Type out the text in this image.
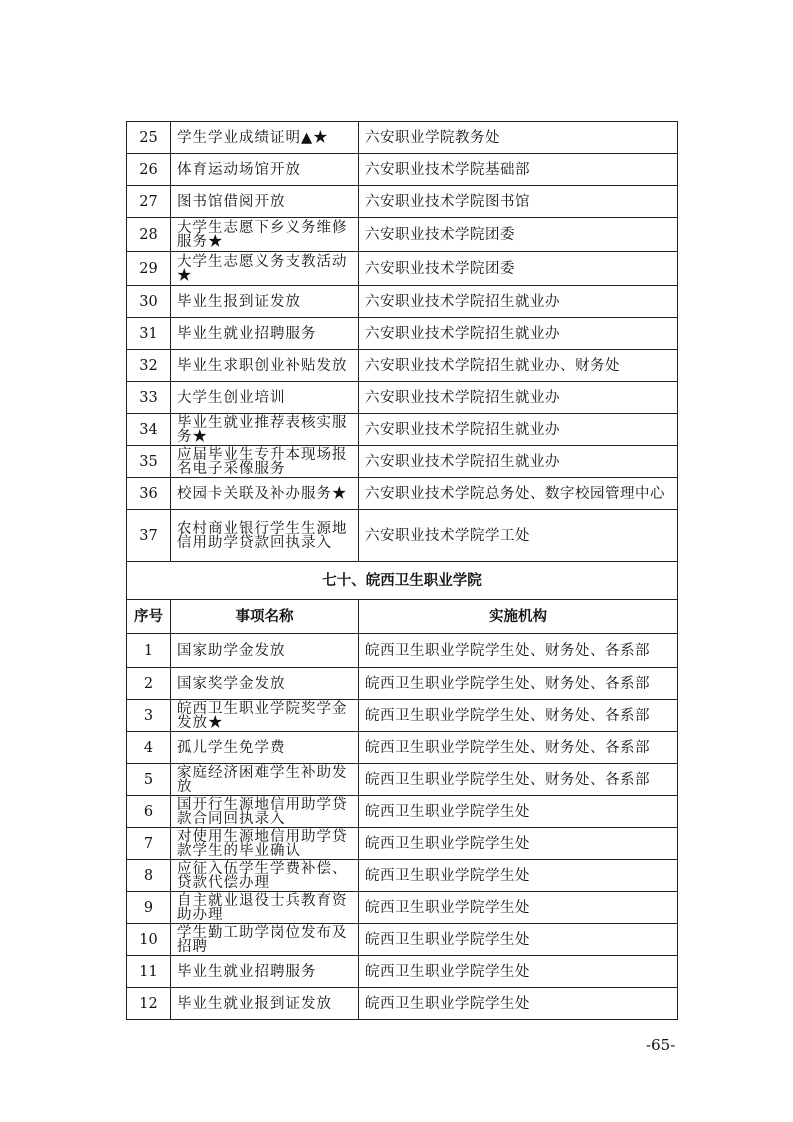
25	学生学业成绩证明▲★	六安职业学院教务处
26	体育运动场馆开放	六安职业技术学院基础部
27	图书馆借阅开放	六安职业技术学院图书馆
28	大学生志愿下乡义务维修服务★	六安职业技术学院团委
29	大学生志愿义务支教活动★	六安职业技术学院团委
30	毕业生报到证发放	六安职业技术学院招生就业办
31	毕业生就业招聘服务	六安职业技术学院招生就业办
32	毕业生求职创业补贴发放	六安职业技术学院招生就业办、财务处
33	大学生创业培训	六安职业技术学院招生就业办
34	毕业生就业推荐表核实服务★	六安职业技术学院招生就业办
35	应届毕业生专升本现场报名电子采像服务	六安职业技术学院招生就业办
36	校园卡关联及补办服务★	六安职业技术学院总务处、数字校园管理中心
37	农村商业银行学生生源地信用助学贷款回执录入	六安职业技术学院学工处
七十、皖西卫生职业学院		
序号	事项名称	实施机构
1	国家助学金发放	皖西卫生职业学院学生处、财务处、各系部
2	国家奖学金发放	皖西卫生职业学院学生处、财务处、各系部
3	皖西卫生职业学院奖学金发放★	皖西卫生职业学院学生处、财务处、各系部
4	孤儿学生免学费	皖西卫生职业学院学生处、财务处、各系部
5	家庭经济困难学生补助发放	皖西卫生职业学院学生处、财务处、各系部
6	国开行生源地信用助学贷款合同回执录入	皖西卫生职业学院学生处
7	对使用生源地信用助学贷款学生的毕业确认	皖西卫生职业学院学生处
8	应征入伍学生学费补偿、贷款代偿办理	皖西卫生职业学院学生处
9	自主就业退役士兵教育资助办理	皖西卫生职业学院学生处
10	学生勤工助学岗位发布及招聘	皖西卫生职业学院学生处
11	毕业生就业招聘服务	皖西卫生职业学院学生处
12	毕业生就业报到证发放	皖西卫生职业学院学生处
-65-
